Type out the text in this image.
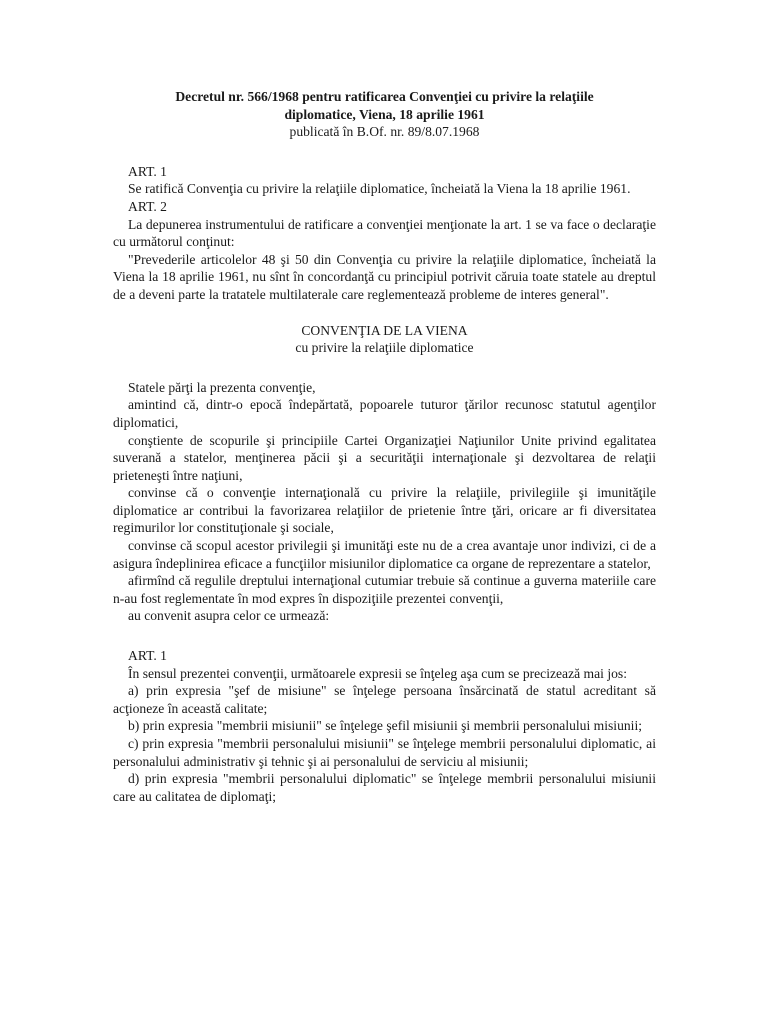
Decretul nr. 566/1968 pentru ratificarea Convenţiei cu privire la relaţiile

diplomatice, Viena, 18 aprilie 1961

publicată în B.Of. nr. 89/8.07.1968

ART. 1

Se ratifică Convenţia cu privire la relaţiile diplomatice, încheiată la Viena la 18 aprilie 1961.

ART. 2

La depunerea instrumentului de ratificare a convenţiei menţionate la art. 1 se va face o declaraţie cu următorul conţinut:

"Prevederile articolelor 48 şi 50 din Convenţia cu privire la relaţiile diplomatice, încheiată la Viena la 18 aprilie 1961, nu sînt în concordanţă cu principiul potrivit căruia toate statele au dreptul de a deveni parte la tratatele multilaterale care reglementează probleme de interes general".

CONVENŢIA DE LA VIENA

cu privire la relaţiile diplomatice

Statele părţi la prezenta convenţie,

amintind că, dintr-o epocă îndepărtată, popoarele tuturor ţărilor recunosc statutul agenţilor diplomatici,

conştiente de scopurile şi principiile Cartei Organizaţiei Naţiunilor Unite privind egalitatea suverană a statelor, menţinerea păcii şi a securităţii internaţionale şi dezvoltarea de relaţii prieteneşti între naţiuni,

convinse că o convenţie internaţională cu privire la relaţiile, privilegiile şi imunităţile diplomatice ar contribui la favorizarea relaţiilor de prietenie între ţări, oricare ar fi diversitatea regimurilor lor constituţionale şi sociale,

convinse că scopul acestor privilegii şi imunităţi este nu de a crea avantaje unor indivizi, ci de a asigura îndeplinirea eficace a funcţiilor misiunilor diplomatice ca organe de reprezentare a statelor,

afirmînd că regulile dreptului internaţional cutumiar trebuie să continue a guverna materiile care n-au fost reglementate în mod expres în dispoziţiile prezentei convenţii,

au convenit asupra celor ce urmează:

ART. 1

În sensul prezentei convenţii, următoarele expresii se înţeleg aşa cum se precizează mai jos:

a) prin expresia "şef de misiune" se înţelege persoana însărcinată de statul acreditant să acţioneze în această calitate;

b) prin expresia "membrii misiunii" se înţelege şefil misiunii şi membrii personalului misiunii;

c) prin expresia "membrii personalului misiunii" se înţelege membrii personalului diplomatic, ai personalului administrativ şi tehnic şi ai personalului de serviciu al misiunii;

d) prin expresia "membrii personalului diplomatic" se înţelege membrii personalului misiunii care au calitatea de diplomaţi;
